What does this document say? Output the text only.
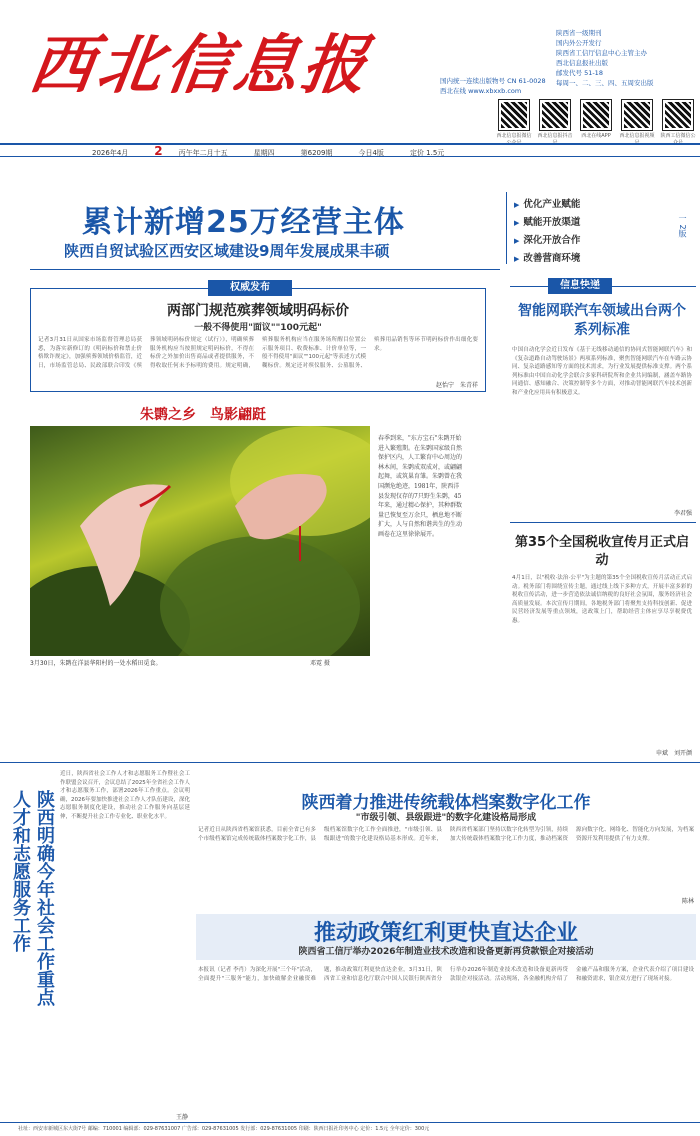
西北信息报	国内统一连续出版物号 CN 61-0028
西北在线 www.xbxxb.com
陕西省一级期刊
国内外公开发行
陕西省工信厅信息中心主管主办
西北信息报社出版
邮发代号 51-18
每周一、二、三、四、五周安出版
西北信息报微信公众号
西北信息报抖音号
西北在线APP	西北信息报视频号
陕西工信微信公众号
2026年4月 2 丙午年二月十五	星期四	第6209期	今日4版	定价 1.5元
累计新增25万经营主体
陕西自贸试验区西安区域建设9周年发展成果丰硕
▶ 优化产业赋能
▶ 赋能开放渠道
▶ 深化开放合作
▶ 改善营商环境
一 2版
权威发布
两部门规范殡葬领域明码标价
一般不得使用"面议""100元起"
记者3月31日从国家市场监督管理总局获悉，为落实新修订的《明码标价和禁止价格欺诈规定》，加强殡葬领域价格监管，近日，市场监管总局、民政部联合印发《殡葬领域明码标价规定（试行）》，明确殡葬服务机构应当按照规定明码标价，不得在标价之外加价出售商品或者提供服务，不得收取任何未予标明的费用。规定明确，殡葬服务机构应当在服务场所醒目位置公示服务项目、收费标准、计价单位等，一般不得使用"面议""100元起"等表述方式模糊标价。规定还对殡仪服务、公墓服务、殡葬用品销售等环节明码标价作出细化要求。
赵怡宁　朱青祥
朱鹮之乡　鸟影翩跹
春季到来，"东方宝石"朱鹮开始进入繁殖期。在朱鹮国家级自然保护区内，人工繁育中心周边的林木间，朱鹮成双成对，或翩翩起舞，或筑巢育雏。朱鹮曾在我国濒危绝迹，1981年，陕西洋县发现仅存的7只野生朱鹮，45年来，通过精心保护，其种群数量已恢复至万余只，栖息地不断扩大，人与自然和谐共生的生动画卷在这里徐徐展开。
3月30日，朱鹮在洋县华阳村的一处水稻田觅食。	邓霓 摄
智能网联汽车领域出台两个系列标准
中国自动化学会近日发布《基于无线移动通信的协同式智能网联汽车》和《复杂道路自动驾驶场景》两项系列标准，聚焦智能网联汽车在车路云协同、复杂道路感知等方面的技术需求，为行业发展提供标准支撑。两个系列标准由中国自动化学会联合多家科研院所和企业共同编制，涵盖车路协同通信、感知融合、决策控制等多个方面，对推动智能网联汽车技术创新和产业化应用具有积极意义。
李君强
第35个全国税收宣传月正式启动
4月1日，以"税收·法治·公平"为主题的第35个全国税收宣传月活动正式启动。税务部门将围绕宣传主题，通过线上线下多种方式，开展丰富多彩的税收宣传活动，进一步营造依法诚信纳税的良好社会氛围，服务经济社会高质量发展。本次宣传月期间，各地税务部门将聚焦支持科技创新、促进民营经济发展等重点领域，送政策上门，帮助经营主体应享尽享税费优惠。
申斌　刘开颜
陕西明确今年社会工作重点 人才和志愿服务工作
近日，陕西省社会工作人才和志愿服务工作暨社会工作联盟会议召开，会议总结了2025年全省社会工作人才和志愿服务工作，部署2026年工作重点。会议明确，2026年要加快推进社会工作人才队伍建设，深化志愿服务制度化建设，推动社会工作服务向基层延伸，不断提升社会工作专业化、职业化水平。
王静
陕西着力推进传统载体档案数字化工作
"市级引领、县级跟进"的数字化建设格局形成
记者近日从陕西省档案馆获悉，目前全省已有多个市级档案馆完成传统载体档案数字化工作，县级档案馆数字化工作全面推进，"市级引领、县级跟进"的数字化建设格局基本形成。近年来，陕西省档案部门坚持以数字化转型为引领，持续加大传统载体档案数字化工作力度，推动档案资源向数字化、网络化、智能化方向发展，为档案资源开发利用提供了有力支撑。
陈林
推动政策红利更快直达企业
陕西省工信厅举办2026年制造业技术改造和设备更新再贷款银企对接活动
本报讯（记者 李肖）为深化开展"三个年"活动，全面提升"三服务"能力，加快破解企业融资难题，推动政策红利更快直达企业，3月31日，陕西省工业和信息化厅联合中国人民银行陕西省分行举办2026年制造业技术改造和设备更新再贷款银企对接活动。活动现场，各金融机构介绍了金融产品和服务方案，企业代表介绍了项目建设和融资需求，银企双方进行了现场对接。
社址：西安市新城区东大街7号 邮编：710001 编辑部：029-87631007 广告部：029-87631005 发行部：029-87631005 印刷：陕西日报社印务中心 定价：1.5元 全年定价：300元
